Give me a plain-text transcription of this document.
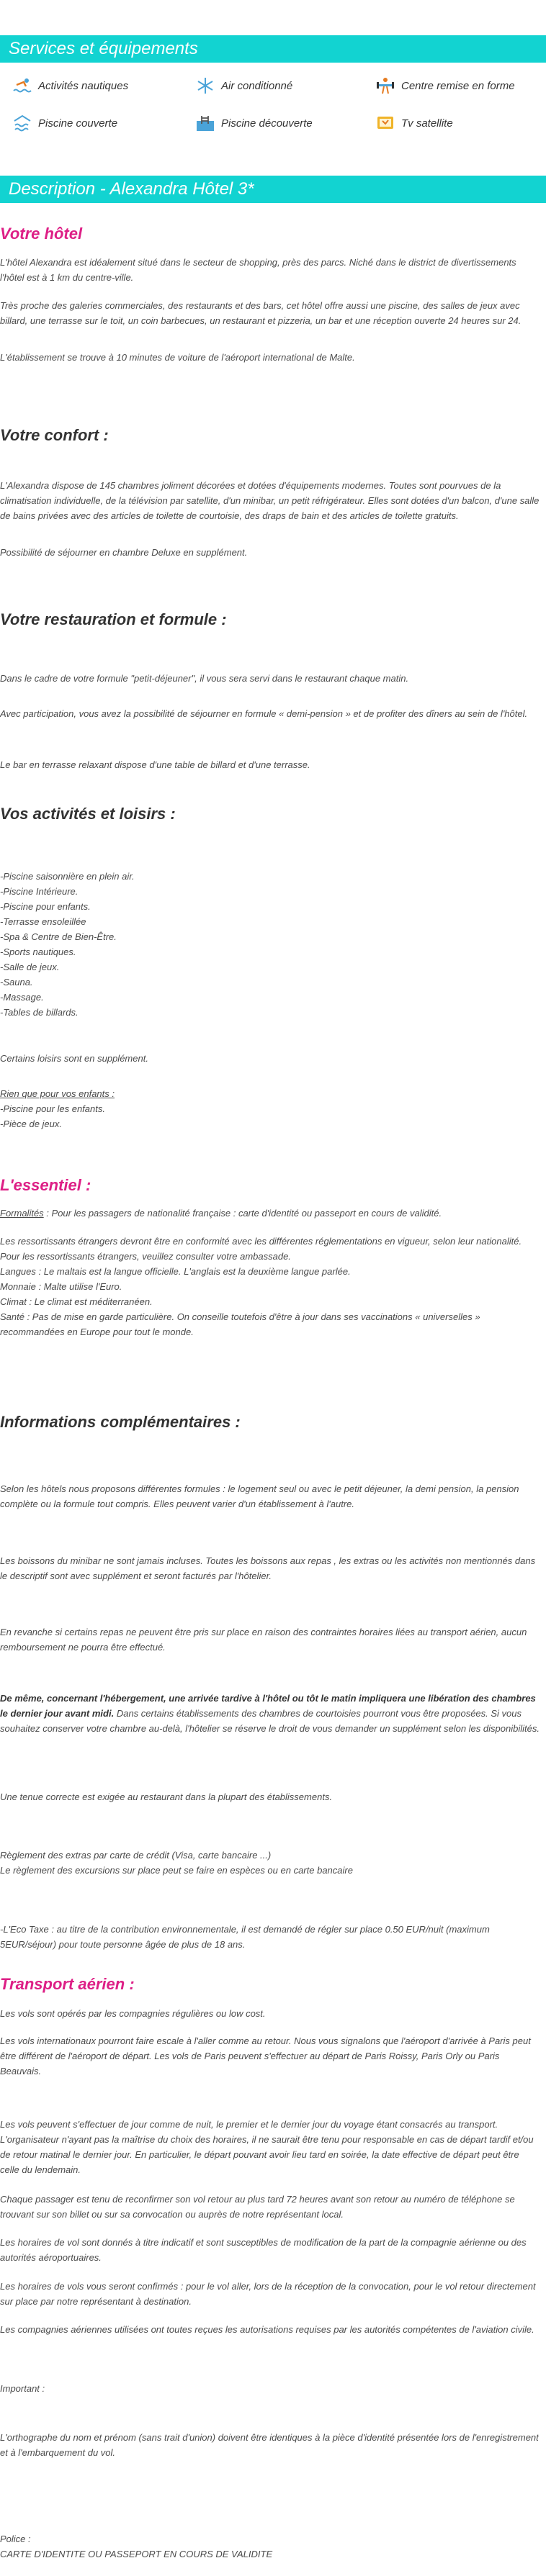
Services et équipements
Activités nautiques	Air conditionné	Centre remise en forme
Piscine couverte	Piscine découverte	Tv satellite
Description - Alexandra Hôtel 3*
Votre hôtel
L'hôtel Alexandra est idéalement situé dans le secteur de shopping, près des parcs. Niché dans le district de divertissements l'hôtel est à 1 km du centre-ville.
Très proche des galeries commerciales, des restaurants et des bars, cet hôtel offre aussi une piscine, des salles de jeux avec billard, une terrasse sur le toit, un coin barbecues, un restaurant et pizzeria, un bar et une réception ouverte 24 heures sur 24.
L'établissement se trouve à 10 minutes de voiture de l'aéroport international de Malte.
Votre confort :
L'Alexandra dispose de 145 chambres joliment décorées et dotées d'équipements modernes. Toutes sont pourvues de la climatisation individuelle, de la télévision par satellite, d'un minibar, un petit réfrigérateur. Elles sont dotées d'un balcon, d'une salle de bains privées avec des articles de toilette de courtoisie, des draps de bain et des articles de toilette gratuits.
Possibilité de séjourner en chambre Deluxe en supplément.
Votre restauration et formule :
Dans le cadre de votre formule "petit-déjeuner", il vous sera servi dans le restaurant chaque matin.
Avec participation, vous avez la possibilité de séjourner en formule « demi-pension » et de profiter des dîners au sein de l'hôtel.
Le bar en terrasse relaxant dispose d'une table de billard et d'une terrasse.
Vos activités et loisirs :
-Piscine saisonnière en plein air.
-Piscine Intérieure.
-Piscine pour enfants.
-Terrasse ensoleillée
-Spa & Centre de Bien-Être.
-Sports nautiques.
-Salle de jeux.
-Sauna.
-Massage.
-Tables de billards.
Certains loisirs sont en supplément.
Rien que pour vos enfants :
-Piscine pour les enfants.
-Pièce de jeux.
L'essentiel :
Formalités : Pour les passagers de nationalité française : carte d'identité ou passeport en cours de validité.
Les ressortissants étrangers devront être en conformité avec les différentes réglementations en vigueur, selon leur nationalité.
Pour les ressortissants étrangers, veuillez consulter votre ambassade.
Langues : Le maltais est la langue officielle. L'anglais est la deuxième langue parlée.
Monnaie : Malte utilise l'Euro.
Climat : Le climat est méditerranéen.
Santé : Pas de mise en garde particulière. On conseille toutefois d'être à jour dans ses vaccinations « universelles » recommandées en Europe pour tout le monde.
Informations complémentaires :
Selon les hôtels nous proposons différentes formules : le logement seul ou avec le petit déjeuner, la demi pension, la pension complète ou la formule tout compris. Elles peuvent varier d'un établissement à l'autre.
Les boissons du minibar ne sont jamais incluses. Toutes les boissons aux repas , les extras ou les activités non mentionnés dans le descriptif sont avec supplément et seront facturés par l'hôtelier.
En revanche si certains repas ne peuvent être pris sur place en raison des contraintes horaires liées au transport aérien, aucun remboursement ne pourra être effectué.
De même, concernant l'hébergement, une arrivée tardive à l'hôtel ou tôt le matin impliquera une libération des chambres le dernier jour avant midi. Dans certains établissements des chambres de courtoisies pourront vous être proposées. Si vous souhaitez conserver votre chambre au-delà, l'hôtelier se réserve le droit de vous demander un supplément selon les disponibilités.
Une tenue correcte est exigée au restaurant dans la plupart des établissements.
Règlement des extras par carte de crédit (Visa, carte bancaire ...)
Le règlement des excursions sur place peut se faire en espèces ou en carte bancaire
-L'Eco Taxe : au titre de la contribution environnementale, il est demandé de régler sur place 0.50 EUR/nuit (maximum 5EUR/séjour) pour toute personne âgée de plus de 18 ans.
Transport aérien :
Les vols sont opérés par les compagnies régulières ou low cost.
Les vols internationaux pourront faire escale à l'aller comme au retour. Nous vous signalons que l'aéroport d'arrivée à Paris peut être différent de l'aéroport de départ. Les vols de Paris peuvent s'effectuer au départ de Paris Roissy, Paris Orly ou Paris Beauvais.
Les vols peuvent s'effectuer de jour comme de nuit, le premier et le dernier jour du voyage étant consacrés au transport. L'organisateur n'ayant pas la maîtrise du choix des horaires, il ne saurait être tenu pour responsable en cas de départ tardif et/ou de retour matinal le dernier jour. En particulier, le départ pouvant avoir lieu tard en soirée, la date effective de départ peut être celle du lendemain.
Chaque passager est tenu de reconfirmer son vol retour au plus tard 72 heures avant son retour au numéro de téléphone se trouvant sur son billet ou sur sa convocation ou auprès de notre représentant local.
Les horaires de vol sont donnés à titre indicatif et sont susceptibles de modification de la part de la compagnie aérienne ou des autorités aéroportuaires.
Les horaires de vols vous seront confirmés : pour le vol aller, lors de la réception de la convocation, pour le vol retour directement sur place par notre représentant à destination.
Les compagnies aériennes utilisées ont toutes reçues les autorisations requises par les autorités compétentes de l'aviation civile.
Important :
L'orthographe du nom et prénom (sans trait d'union) doivent être identiques à la pièce d'identité présentée lors de l'enregistrement et à l'embarquement du vol.
Police :
CARTE D'IDENTITE OU PASSEPORT EN COURS DE VALIDITE
